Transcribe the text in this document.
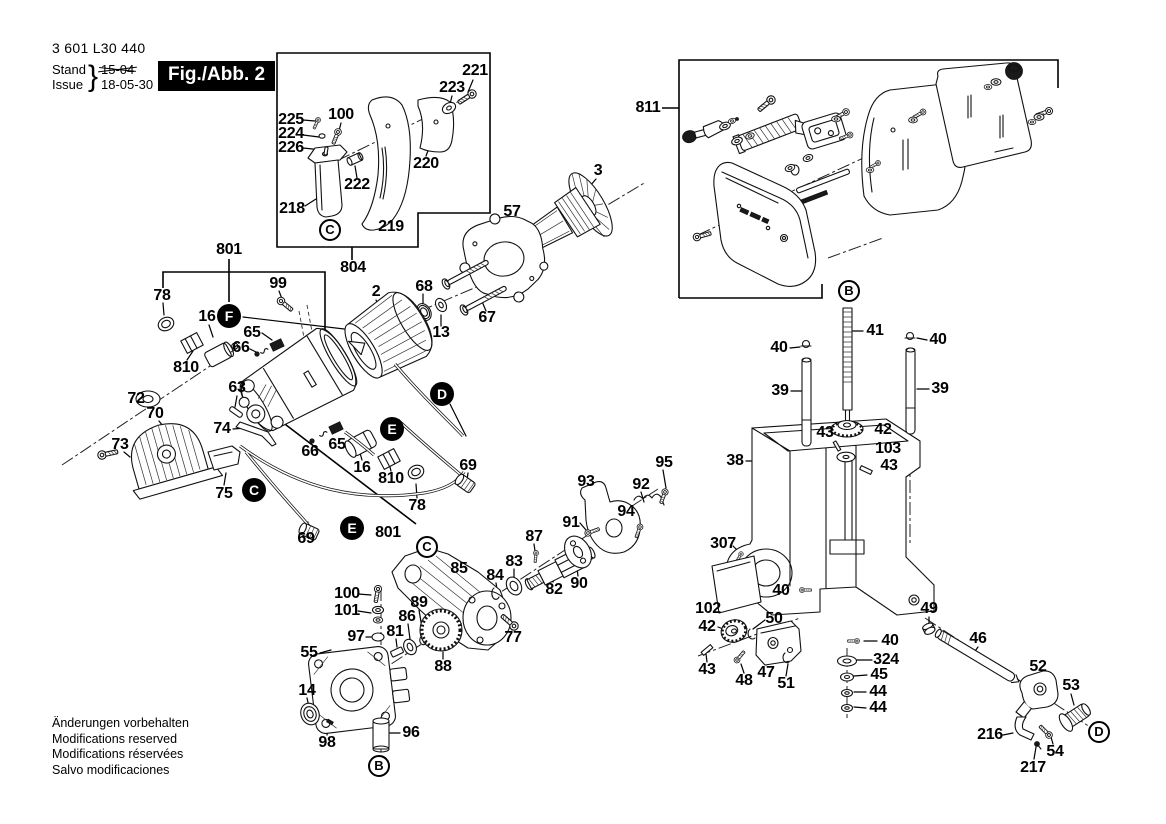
3 601 L30 440
Stand
Issue } 15-04
18-05-30 Fig./Abb. 2	221
223
225 100
224
226
220
222
218
219
804
3
57
2 68
13
67
801
78
99
16
65
66
810
63
72
70
73
74
75
69	801
66 65
16
810
78
69
93 92
95
94
91
87
83
84
82 90
85
100
101
97
89
86
81
88
77
55
14
98
96
811
41
40	40
39	39
42
43
103
43
38
307
102
42
43
48 47
50
51
40
40
324
45
44
44
49
46
52
53
216
54
217
C
F
D
E
C
E
C
B
B
D
Änderungen vorbehalten
Modifications reserved
Modifications réservées
Salvo modificaciones
